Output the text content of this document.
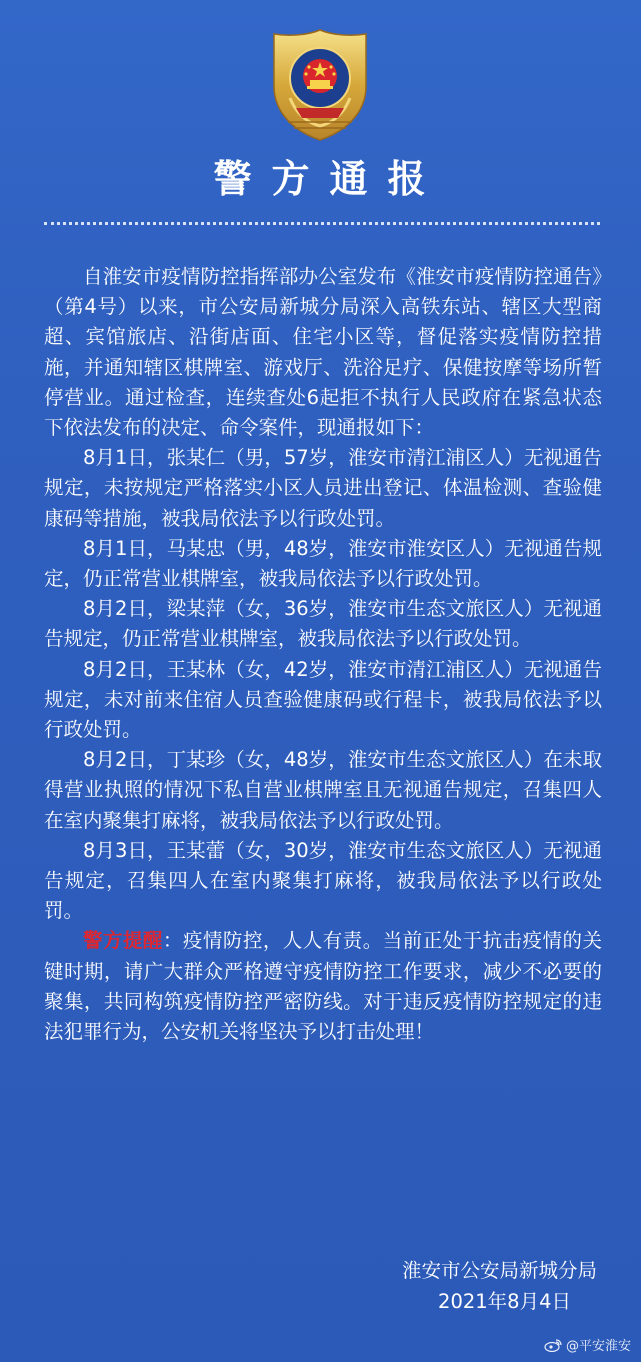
警方通报

自淮安市疫情防控指挥部办公室发布《淮安市疫情防控通告》（第4号）以来，市公安局新城分局深入高铁东站、辖区大型商超、宾馆旅店、沿街店面、住宅小区等，督促落实疫情防控措施，并通知辖区棋牌室、游戏厅、洗浴足疗、保健按摩等场所暂停营业。通过检查，连续查处6起拒不执行人民政府在紧急状态下依法发布的决定、命令案件，现通报如下：

8月1日，张某仁（男，57岁，淮安市清江浦区人）无视通告规定，未按规定严格落实小区人员进出登记、体温检测、查验健康码等措施，被我局依法予以行政处罚。

8月1日，马某忠（男，48岁，淮安市淮安区人）无视通告规定，仍正常营业棋牌室，被我局依法予以行政处罚。

8月2日，梁某萍（女，36岁，淮安市生态文旅区人）无视通告规定，仍正常营业棋牌室，被我局依法予以行政处罚。

8月2日，王某林（女，42岁，淮安市清江浦区人）无视通告规定，未对前来住宿人员查验健康码或行程卡，被我局依法予以行政处罚。

8月2日，丁某珍（女，48岁，淮安市生态文旅区人）在未取得营业执照的情况下私自营业棋牌室且无视通告规定，召集四人在室内聚集打麻将，被我局依法予以行政处罚。

8月3日，王某蕾（女，30岁，淮安市生态文旅区人）无视通告规定，召集四人在室内聚集打麻将，被我局依法予以行政处罚。

警方提醒：疫情防控，人人有责。当前正处于抗击疫情的关键时期，请广大群众严格遵守疫情防控工作要求，减少不必要的聚集，共同构筑疫情防控严密防线。对于违反疫情防控规定的违法犯罪行为，公安机关将坚决予以打击处理！

淮安市公安局新城分局
2021年8月4日
@平安淮安
